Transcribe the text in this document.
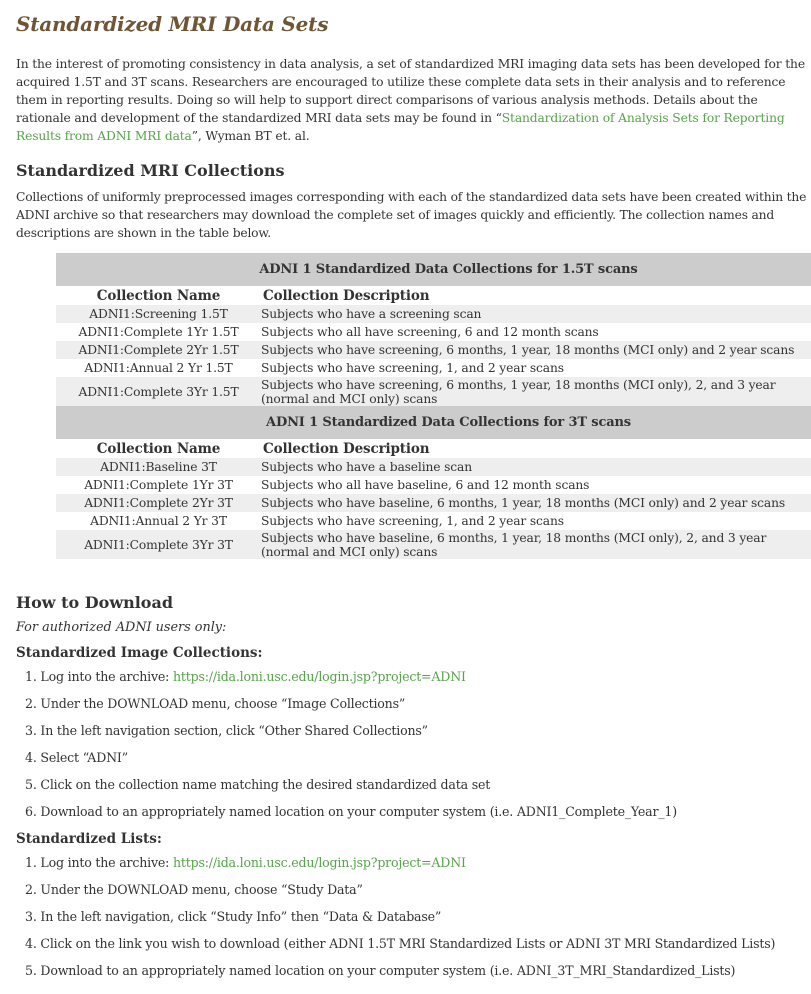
Standardized MRI Data Sets

In the interest of promoting consistency in data analysis, a set of standardized MRI imaging data sets has been developed for the acquired 1.5T and 3T scans. Researchers are encouraged to utilize these complete data sets in their analysis and to reference them in reporting results. Doing so will help to support direct comparisons of various analysis methods. Details about the rationale and development of the standardized MRI data sets may be found in “Standardization of Analysis Sets for Reporting Results from ADNI MRI data”, Wyman BT et. al.

Standardized MRI Collections

Collections of uniformly preprocessed images corresponding with each of the standardized data sets have been created within the ADNI archive so that researchers may download the complete set of images quickly and efficiently. The collection names and descriptions are shown in the table below.

ADNI 1 Standardized Data Collections for 1.5T scans	
Collection Name	Collection Description
ADNI1:Screening 1.5T	Subjects who have a screening scan
ADNI1:Complete 1Yr 1.5T	Subjects who all have screening, 6 and 12 month scans
ADNI1:Complete 2Yr 1.5T	Subjects who have screening, 6 months, 1 year, 18 months (MCI only) and 2 year scans
ADNI1:Annual 2 Yr 1.5T	Subjects who have screening, 1, and 2 year scans
ADNI1:Complete 3Yr 1.5T	Subjects who have screening, 6 months, 1 year, 18 months (MCI only), 2, and 3 year (normal and MCI only) scans
ADNI 1 Standardized Data Collections for 3T scans	
Collection Name	Collection Description
ADNI1:Baseline 3T	Subjects who have a baseline scan
ADNI1:Complete 1Yr 3T	Subjects who all have baseline, 6 and 12 month scans
ADNI1:Complete 2Yr 3T	Subjects who have baseline, 6 months, 1 year, 18 months (MCI only) and 2 year scans
ADNI1:Annual 2 Yr 3T	Subjects who have screening, 1, and 2 year scans
ADNI1:Complete 3Yr 3T	Subjects who have baseline, 6 months, 1 year, 18 months (MCI only), 2, and 3 year (normal and MCI only) scans
How to Download

For authorized ADNI users only:

Standardized Image Collections:
1. Log into the archive: https://ida.loni.usc.edu/login.jsp?project=ADNI
2. Under the DOWNLOAD menu, choose “Image Collections”
3. In the left navigation section, click “Other Shared Collections”
4. Select “ADNI”
5. Click on the collection name matching the desired standardized data set
6. Download to an appropriately named location on your computer system (i.e. ADNI1_Complete_Year_1)
Standardized Lists:
1. Log into the archive: https://ida.loni.usc.edu/login.jsp?project=ADNI
2. Under the DOWNLOAD menu, choose “Study Data”
3. In the left navigation, click “Study Info” then “Data & Database”
4. Click on the link you wish to download (either ADNI 1.5T MRI Standardized Lists or ADNI 3T MRI Standardized Lists)
5. Download to an appropriately named location on your computer system (i.e. ADNI_3T_MRI_Standardized_Lists)
